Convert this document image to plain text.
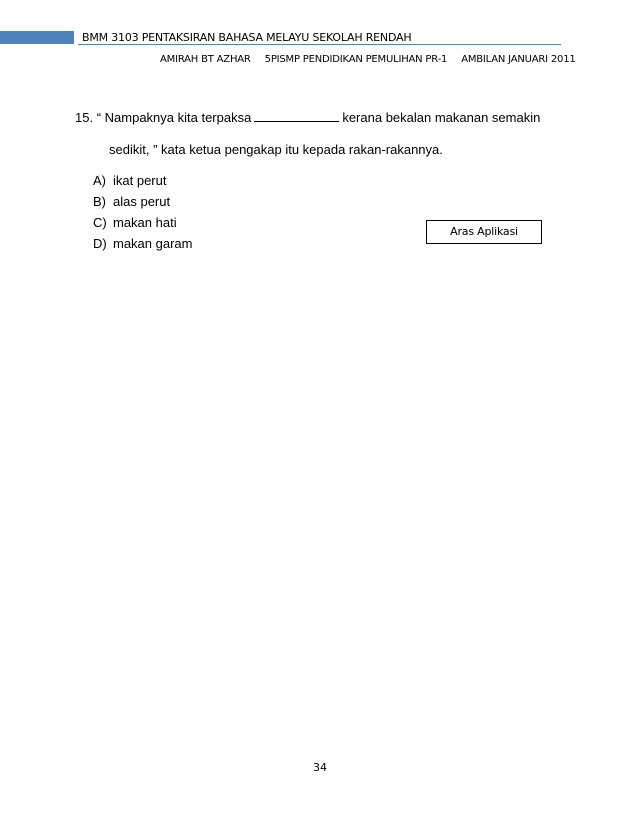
BMM 3103 PENTAKSIRAN BAHASA MELAYU SEKOLAH RENDAH
AMIRAH BT AZHAR 5PISMP PENDIDIKAN PEMULIHAN PR-1 AMBILAN JANUARI 2011
15. “ Nampaknya kita terpaksa	kerana bekalan makanan semakin
sedikit, ” kata ketua pengakap itu kepada rakan-rakannya.
A) ikat perut
B) alas perut
C) makan hati
D) makan garam
Aras Aplikasi
34
